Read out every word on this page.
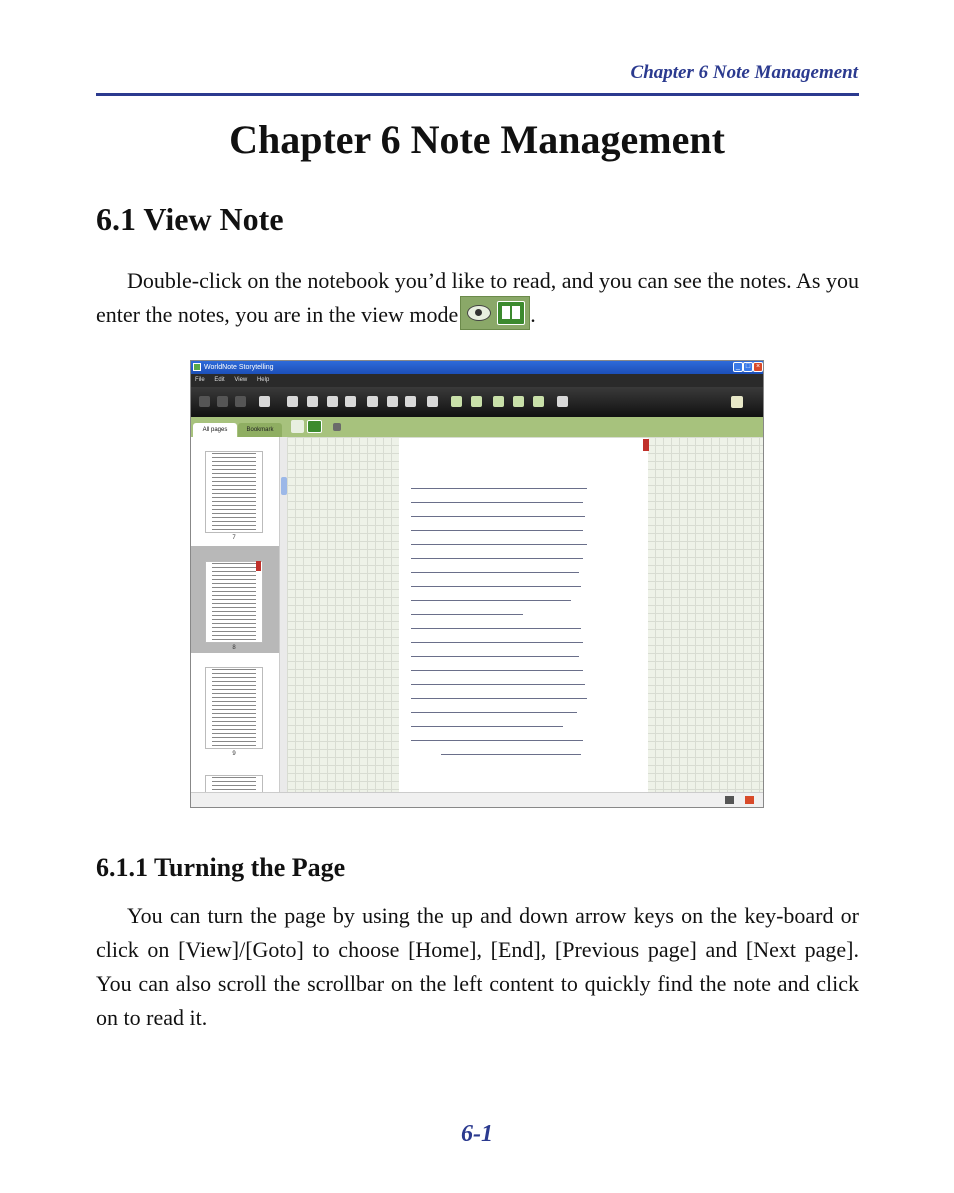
Chapter 6 Note Management
Chapter 6 Note Management
6.1 View Note

Double-click on the notebook you’d like to read, and you can see the notes. As you enter the notes, you are in the view mode	.

WorldNote Storytelling	_ □ ×
File Edit View Help
All pages	Bookmark
7
8
9
6.1.1 Turning the Page

You can turn the page by using the up and down arrow keys on the key-board or click on [View]/[Goto] to choose [Home], [End], [Previous page] and [Next page]. You can also scroll the scrollbar on the left content to quickly find the note and click on to read it.

6-1
